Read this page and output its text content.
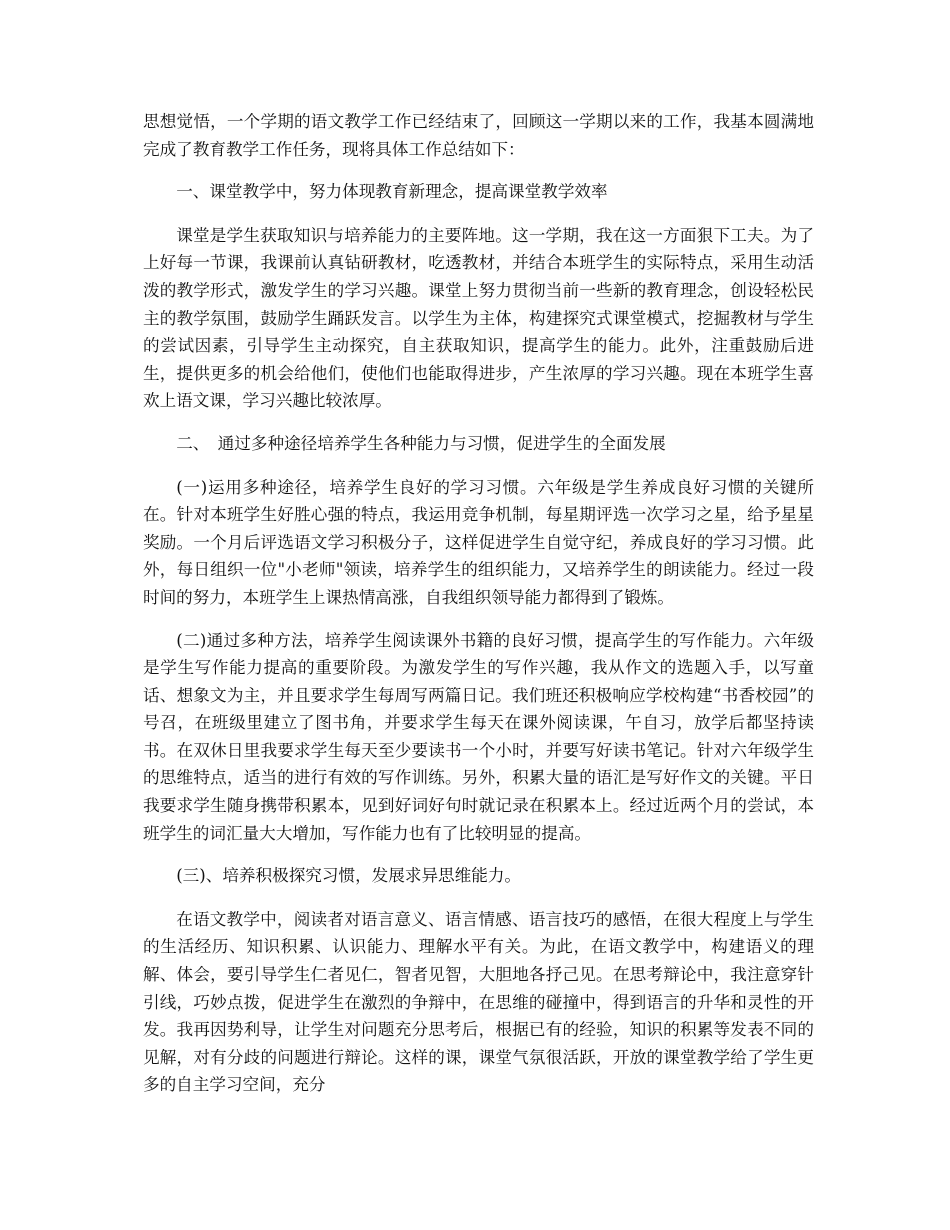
思想觉悟，一个学期的语文教学工作已经结束了，回顾这一学期以来的工作，我基本圆满地完成了教育教学工作任务，现将具体工作总结如下：

一、课堂教学中，努力体现教育新理念，提高课堂教学效率

课堂是学生获取知识与培养能力的主要阵地。这一学期，我在这一方面狠下工夫。为了上好每一节课，我课前认真钻研教材，吃透教材，并结合本班学生的实际特点，采用生动活泼的教学形式，激发学生的学习兴趣。课堂上努力贯彻当前一些新的教育理念，创设轻松民主的教学氛围，鼓励学生踊跃发言。以学生为主体，构建探究式课堂模式，挖掘教材与学生的尝试因素，引导学生主动探究，自主获取知识，提高学生的能力。此外，注重鼓励后进生，提供更多的机会给他们，使他们也能取得进步，产生浓厚的学习兴趣。现在本班学生喜欢上语文课，学习兴趣比较浓厚。

二、　通过多种途径培养学生各种能力与习惯，促进学生的全面发展

(一)运用多种途径，培养学生良好的学习习惯。六年级是学生养成良好习惯的关键所在。针对本班学生好胜心强的特点，我运用竞争机制，每星期评选一次学习之星，给予星星奖励。一个月后评选语文学习积极分子，这样促进学生自觉守纪，养成良好的学习习惯。此外，每日组织一位"小老师"领读，培养学生的组织能力，又培养学生的朗读能力。经过一段时间的努力，本班学生上课热情高涨，自我组织领导能力都得到了锻炼。

(二)通过多种方法，培养学生阅读课外书籍的良好习惯，提高学生的写作能力。六年级是学生写作能力提高的重要阶段。为激发学生的写作兴趣，我从作文的选题入手，以写童话、想象文为主，并且要求学生每周写两篇日记。我们班还积极响应学校构建“书香校园”的号召，在班级里建立了图书角，并要求学生每天在课外阅读课，午自习，放学后都坚持读书。在双休日里我要求学生每天至少要读书一个小时，并要写好读书笔记。针对六年级学生的思维特点，适当的进行有效的写作训练。另外，积累大量的语汇是写好作文的关键。平日我要求学生随身携带积累本，见到好词好句时就记录在积累本上。经过近两个月的尝试，本班学生的词汇量大大增加，写作能力也有了比较明显的提高。

(三)、培养积极探究习惯，发展求异思维能力。

在语文教学中，阅读者对语言意义、语言情感、语言技巧的感悟，在很大程度上与学生的生活经历、知识积累、认识能力、理解水平有关。为此，在语文教学中，构建语义的理解、体会，要引导学生仁者见仁，智者见智，大胆地各抒己见。在思考辩论中，我注意穿针引线，巧妙点拨，促进学生在激烈的争辩中，在思维的碰撞中，得到语言的升华和灵性的开发。我再因势利导，让学生对问题充分思考后，根据已有的经验，知识的积累等发表不同的见解，对有分歧的问题进行辩论。这样的课，课堂气氛很活跃，开放的课堂教学给了学生更多的自主学习空间，充分
